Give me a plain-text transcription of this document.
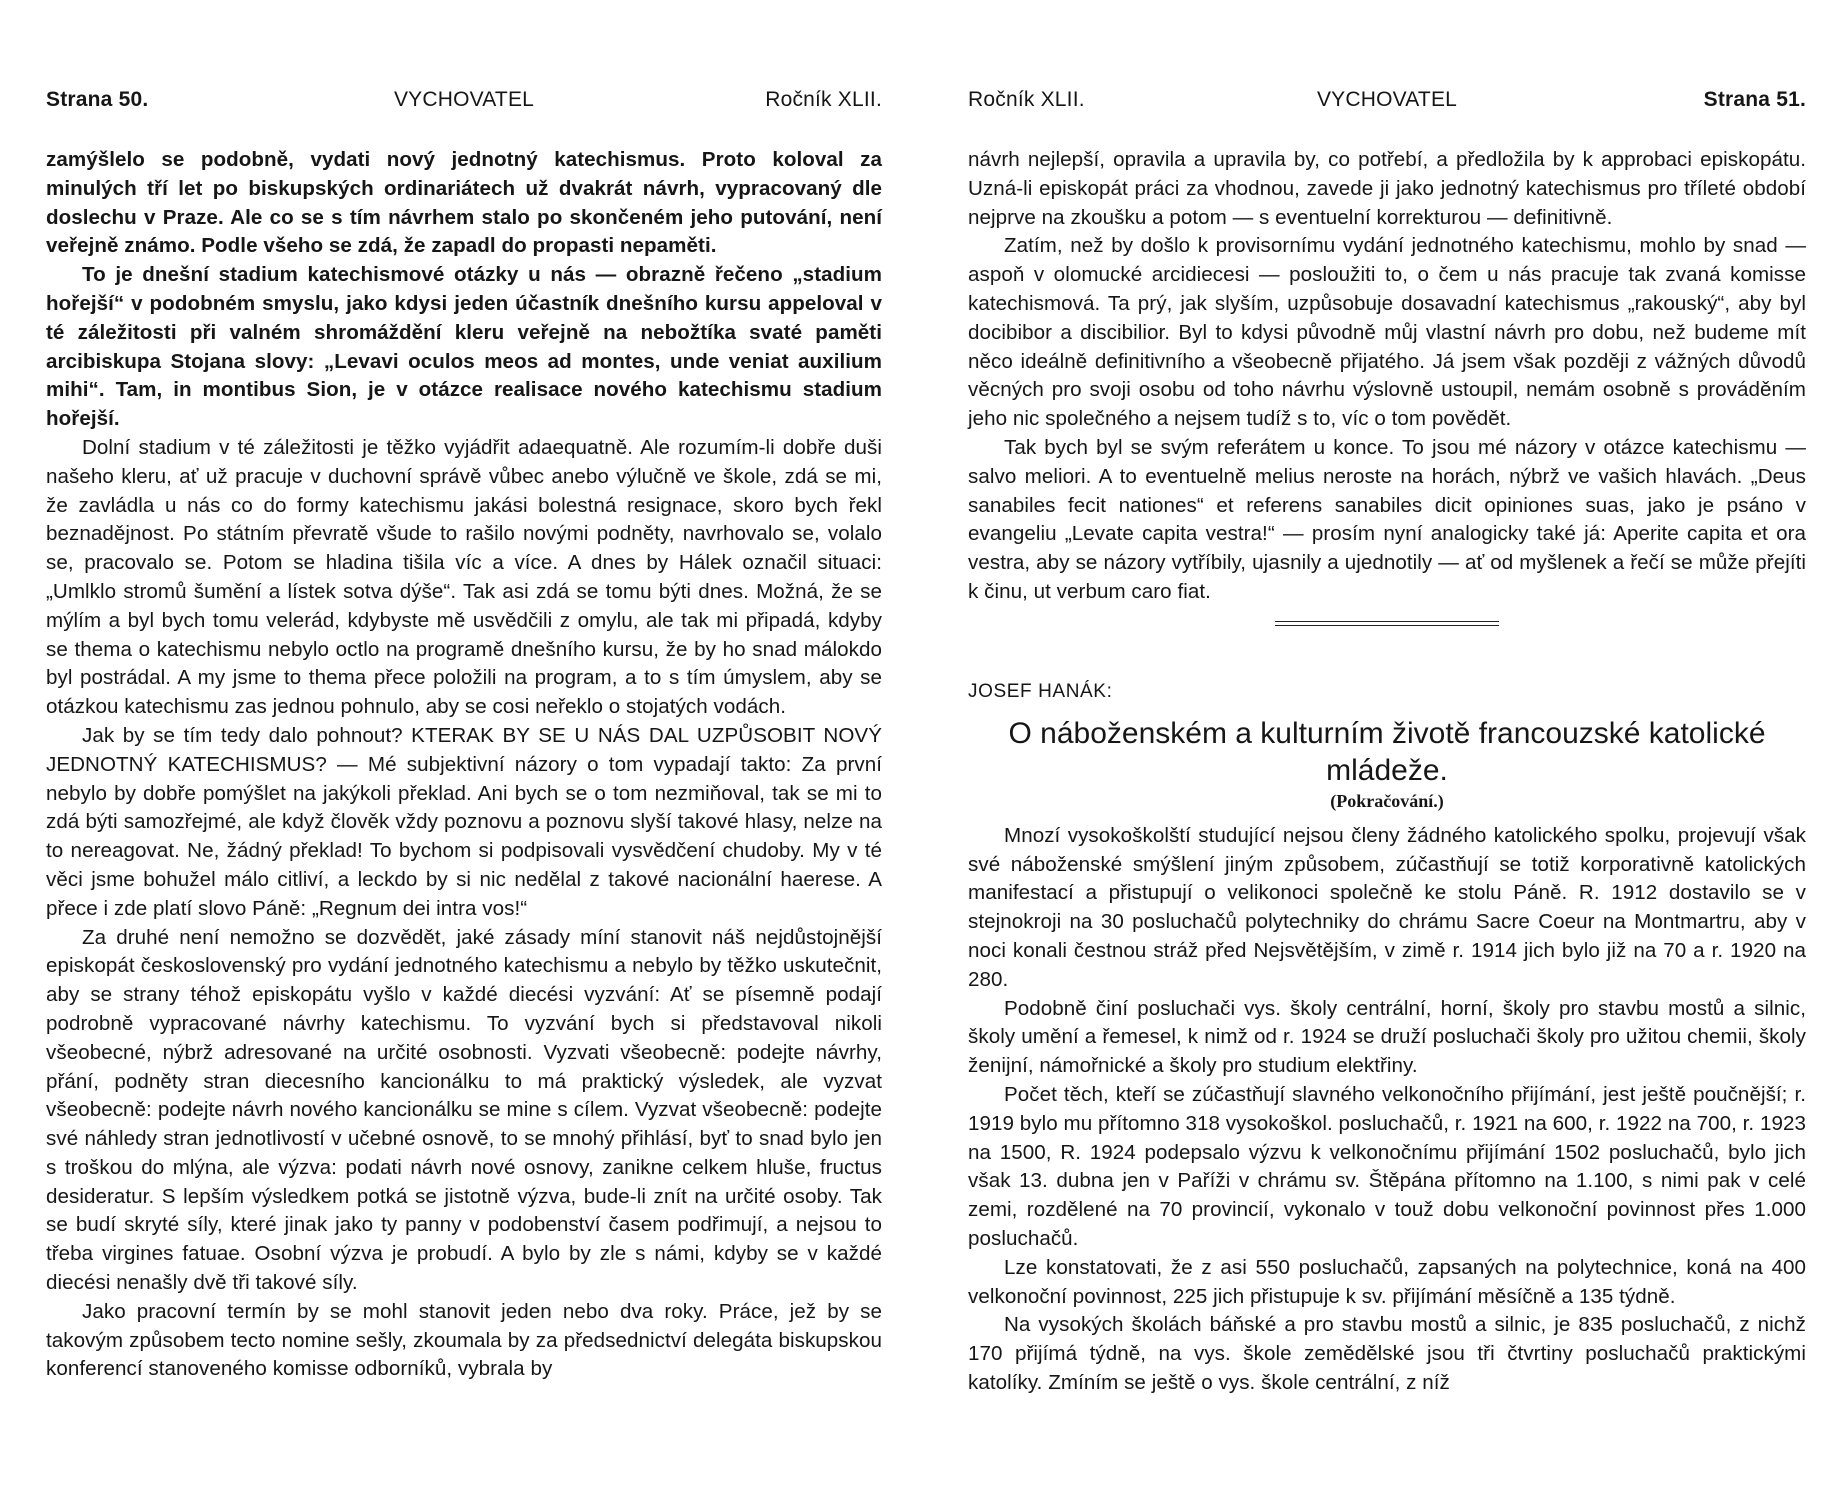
Strana 50.	VYCHOVATEL	Ročník XLII.

zamýšlelo se podobně, vydati nový jednotný katechismus. Proto koloval za minulých tří let po biskupských ordinariátech už dvakrát návrh, vypracovaný dle doslechu v Praze. Ale co se s tím návrhem stalo po skončeném jeho putování, není veřejně známo. Podle všeho se zdá, že zapadl do propasti nepaměti.

To je dnešní stadium katechismové otázky u nás — obrazně řečeno „stadium hořejší“ v podobném smyslu, jako kdysi jeden účastník dnešního kursu appeloval v té záležitosti při valném shromáždění kleru veřejně na nebožtíka svaté paměti arcibiskupa Stojana slovy: „Levavi oculos meos ad montes, unde veniat auxilium mihi“. Tam, in montibus Sion, je v otázce realisace nového katechismu stadium hořejší.

Dolní stadium v té záležitosti je těžko vyjádřit adaequatně. Ale rozumím-li dobře duši našeho kleru, ať už pracuje v duchovní správě vůbec anebo výlučně ve škole, zdá se mi, že zavládla u nás co do formy katechismu jakási bolestná resignace, skoro bych řekl beznadějnost. Po státním převratě všude to rašilo novými podněty, navrhovalo se, volalo se, pracovalo se. Potom se hladina tišila víc a více. A dnes by Hálek označil situaci: „Umlklo stromů šumění a lístek sotva dýše“. Tak asi zdá se tomu býti dnes. Možná, že se mýlím a byl bych tomu velerád, kdybyste mě usvědčili z omylu, ale tak mi připadá, kdyby se thema o katechismu nebylo octlo na programě dnešního kursu, že by ho snad málokdo byl postrádal. A my jsme to thema přece položili na program, a to s tím úmyslem, aby se otázkou katechismu zas jednou pohnulo, aby se cosi neřeklo o stojatých vodách.

Jak by se tím tedy dalo pohnout? KTERAK BY SE U NÁS DAL UZPŮSOBIT NOVÝ JEDNOTNÝ KATECHISMUS? — Mé subjektivní názory o tom vypadají takto: Za první nebylo by dobře pomýšlet na jakýkoli překlad. Ani bych se o tom nezmiňoval, tak se mi to zdá býti samozřejmé, ale když člověk vždy poznovu a poznovu slyší takové hlasy, nelze na to nereagovat. Ne, žádný překlad! To bychom si podpisovali vysvědčení chudoby. My v té věci jsme bohužel málo citliví, a leckdo by si nic nedělal z takové nacionální haerese. A přece i zde platí slovo Páně: „Regnum dei intra vos!“

Za druhé není nemožno se dozvědět, jaké zásady míní stanovit náš nejdůstojnější episkopát československý pro vydání jednotného katechismu a nebylo by těžko uskutečnit, aby se strany téhož episkopátu vyšlo v každé diecési vyzvání: Ať se písemně podají podrobně vypracované návrhy katechismu. To vyzvání bych si představoval nikoli všeobecné, nýbrž adresované na určité osobnosti. Vyzvati všeobecně: podejte návrhy, přání, podněty stran diecesního kancionálku to má praktický výsledek, ale vyzvat všeobecně: podejte návrh nového kancionálku se mine s cílem. Vyzvat všeobecně: podejte své náhledy stran jednotlivostí v učebné osnově, to se mnohý přihlásí, byť to snad bylo jen s troškou do mlýna, ale výzva: podati návrh nové osnovy, zanikne celkem hluše, fructus desideratur. S lepším výsledkem potká se jistotně výzva, bude-li znít na určité osoby. Tak se budí skryté síly, které jinak jako ty panny v podobenství časem podřimují, a nejsou to třeba virgines fatuae. Osobní výzva je probudí. A bylo by zle s námi, kdyby se v každé diecési nenašly dvě tři takové síly.

Jako pracovní termín by se mohl stanovit jeden nebo dva roky. Práce, jež by se takovým způsobem tecto nomine sešly, zkoumala by za předsednictví delegáta biskupskou konferencí stanoveného komisse odborníků, vybrala by

Ročník XLII.	VYCHOVATEL	Strana 51.

návrh nejlepší, opravila a upravila by, co potřebí, a předložila by k approbaci episkopátu. Uzná-li episkopát práci za vhodnou, zavede ji jako jednotný katechismus pro tříleté období nejprve na zkoušku a potom — s eventuelní korrekturou — definitivně.

Zatím, než by došlo k provisornímu vydání jednotného katechismu, mohlo by snad — aspoň v olomucké arcidiecesi — posloužiti to, o čem u nás pracuje tak zvaná komisse katechismová. Ta prý, jak slyším, uzpůsobuje dosavadní katechismus „rakouský“, aby byl docibibor a discibilior. Byl to kdysi původně můj vlastní návrh pro dobu, než budeme mít něco ideálně definitivního a všeobecně přijatého. Já jsem však později z vážných důvodů věcných pro svoji osobu od toho návrhu výslovně ustoupil, nemám osobně s prováděním jeho nic společného a nejsem tudíž s to, víc o tom povědět.

Tak bych byl se svým referátem u konce. To jsou mé názory v otázce katechismu — salvo meliori. A to eventuelně melius neroste na horách, nýbrž ve vašich hlavách. „Deus sanabiles fecit nationes“ et referens sanabiles dicit opiniones suas, jako je psáno v evangeliu „Levate capita vestra!“ — prosím nyní analogicky také já: Aperite capita et ora vestra, aby se názory vytříbily, ujasnily a ujednotily — ať od myšlenek a řečí se může přejíti k činu, ut verbum caro fiat.

JOSEF HANÁK:
O náboženském a kulturním životě francouzské katolické mládeže.
(Pokračování.)

Mnozí vysokoškolští studující nejsou členy žádného katolického spolku, projevují však své náboženské smýšlení jiným způsobem, zúčastňují se totiž korporativně katolických manifestací a přistupují o velikonoci společně ke stolu Páně. R. 1912 dostavilo se v stejnokroji na 30 posluchačů polytechniky do chrámu Sacre Coeur na Montmartru, aby v noci konali čestnou stráž před Nejsvětějším, v zimě r. 1914 jich bylo již na 70 a r. 1920 na 280.

Podobně činí posluchači vys. školy centrální, horní, školy pro stavbu mostů a silnic, školy umění a řemesel, k nimž od r. 1924 se druží posluchači školy pro užitou chemii, školy ženijní, námořnické a školy pro studium elektřiny.

Počet těch, kteří se zúčastňují slavného velkonočního přijímání, jest ještě poučnější; r. 1919 bylo mu přítomno 318 vysokoškol. posluchačů, r. 1921 na 600, r. 1922 na 700, r. 1923 na 1500, R. 1924 podepsalo výzvu k velkonočnímu přijímání 1502 posluchačů, bylo jich však 13. dubna jen v Paříži v chrámu sv. Štěpána přítomno na 1.100, s nimi pak v celé zemi, rozdělené na 70 provincií, vykonalo v touž dobu velkonoční povinnost přes 1.000 posluchačů.

Lze konstatovati, že z asi 550 posluchačů, zapsaných na polytechnice, koná na 400 velkonoční povinnost, 225 jich přistupuje k sv. přijímání měsíčně a 135 týdně.

Na vysokých školách báňské a pro stavbu mostů a silnic, je 835 posluchačů, z nichž 170 přijímá týdně, na vys. škole zemědělské jsou tři čtvrtiny posluchačů praktickými katolíky. Zmíním se ještě o vys. škole centrální, z níž
